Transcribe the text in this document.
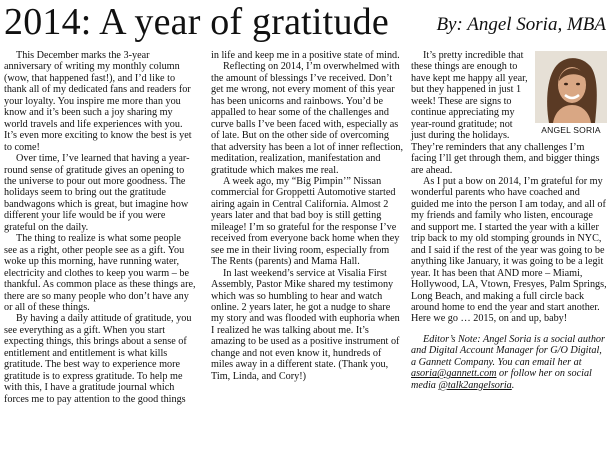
2014: A year of gratitude	By: Angel Soria, MBA

This December marks the 3-year anniversary of writing my monthly column (wow, that happened fast!), and I’d like to thank all of my dedicated fans and readers for your loyalty. You inspire me more than you know and it’s been such a joy sharing my world travels and life experiences with you. It’s even more exciting to know the best is yet to come!

Over time, I’ve learned that having a year-round sense of gratitude gives an opening to the universe to pour out more goodness. The holidays seem to bring out the gratitude bandwagons which is great, but imagine how different your life would be if you were grateful on the daily.

The thing to realize is what some people see as a right, other people see as a gift. You woke up this morning, have running water, electricity and clothes to keep you warm – be thankful. As common place as these things are, there are so many people who don’t have any or all of these things.

By having a daily attitude of gratitude, you see everything as a gift. When you start expecting things, this brings about a sense of entitlement and entitlement is what kills gratitude. The best way to experience more gratitude is to express gratitude. To help me with this, I have a gratitude journal which forces me to pay attention to the good things

in life and keep me in a positive state of mind.

Reflecting on 2014, I’m overwhelmed with the amount of blessings I’ve received. Don’t get me wrong, not every moment of this year has been unicorns and rainbows. You’d be appalled to hear some of the challenges and curve balls I’ve been faced with, especially as of late. But on the other side of overcoming that adversity has been a lot of inner reflection, meditation, realization, manifestation and gratitude which makes me real.

A week ago, my “Big Pimpin’” Nissan commercial for Groppetti Automotive started airing again in Central California. Almost 2 years later and that bad boy is still getting mileage! I’m so grateful for the response I’ve received from everyone back home when they see me in their living room, especially from The Rents (parents) and Mama Hall.

In last weekend’s service at Visalia First Assembly, Pastor Mike shared my testimony which was so humbling to hear and watch online. 2 years later, he got a nudge to share my story and was flooded with euphoria when I realized he was talking about me. It’s amazing to be used as a positive instrument of change and not even know it, hundreds of miles away in a different state. (Thank you, Tim, Linda, and Cory!)

ANGEL SORIA

It’s pretty incredible that these things are enough to have kept me happy all year, but they happened in just 1 week! These are signs to continue appreciating my year-round gratitude; not just during the holidays. They’re reminders that any challenges I’m facing I’ll get through them, and bigger things are ahead.

As I put a bow on 2014, I’m grateful for my wonderful parents who have coached and guided me into the person I am today, and all of my friends and family who listen, encourage and support me. I started the year with a killer trip back to my old stomping grounds in NYC, and I said if the rest of the year was going to be anything like January, it was going to be a legit year. It has been that AND more – Miami, Hollywood, LA, Vtown, Fresyes, Palm Springs, Long Beach, and making a full circle back around home to end the year and start another. Here we go … 2015, on and up, baby!

Editor’s Note: Angel Soria is a social author and Digital Account Manager for G/O Digital, a Gannett Company. You can email her at asoria@gannett.com or follow her on social media @talk2angelsoria.
